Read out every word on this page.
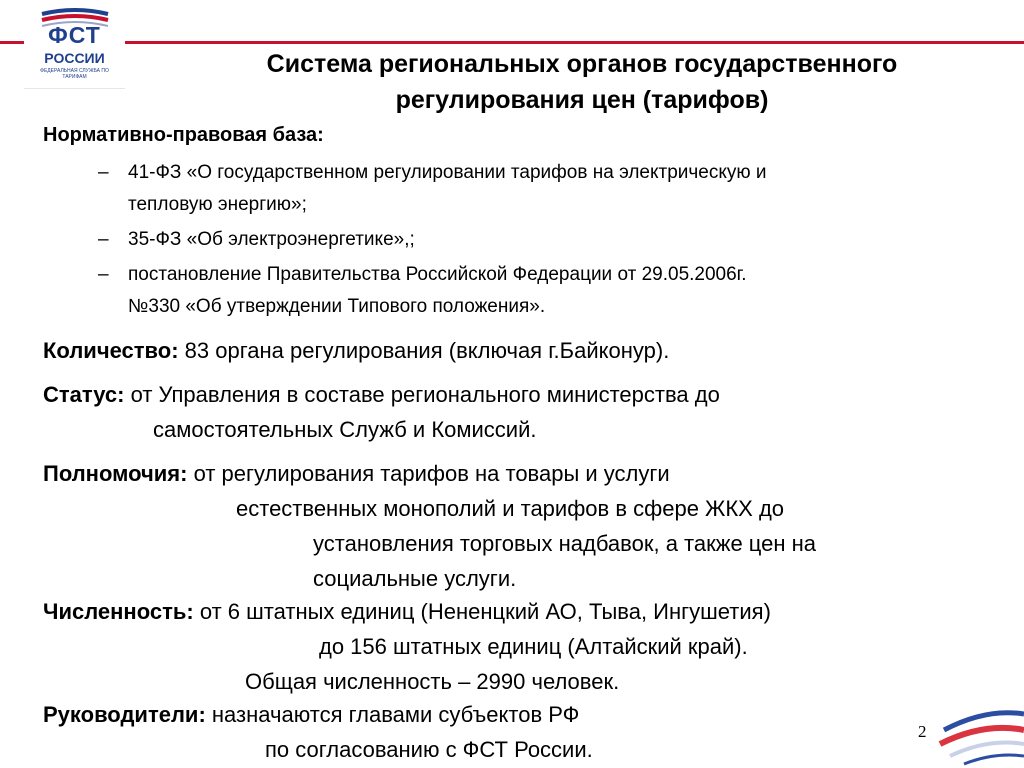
ФСТ
РОССИИ
ФЕДЕРАЛЬНАЯ СЛУЖБА ПО ТАРИФАМ	Система региональных органов государственного
регулирования цен (тарифов)
Нормативно-правовая база:
– 41-ФЗ «О государственном регулировании тарифов на электрическую и
тепловую энергию»;
– 35-ФЗ «Об электроэнергетике»,;
– постановление Правительства Российской Федерации от 29.05.2006г.
№330 «Об утверждении Типового положения».
Количество: 83 органа регулирования (включая г.Байконур).
Статус: от Управления в составе регионального министерства до
самостоятельных Служб и Комиссий.
Полномочия: от регулирования тарифов на товары и услуги
естественных монополий и тарифов в сфере ЖКХ до
установления торговых надбавок, а также цен на
социальные услуги.
Численность: от 6 штатных единиц (Нененцкий АО, Тыва, Ингушетия)
до 156 штатных единиц (Алтайский край).
Общая численность – 2990 человек.
Руководители: назначаются главами субъектов РФ
по согласованию с ФСТ России.
2
